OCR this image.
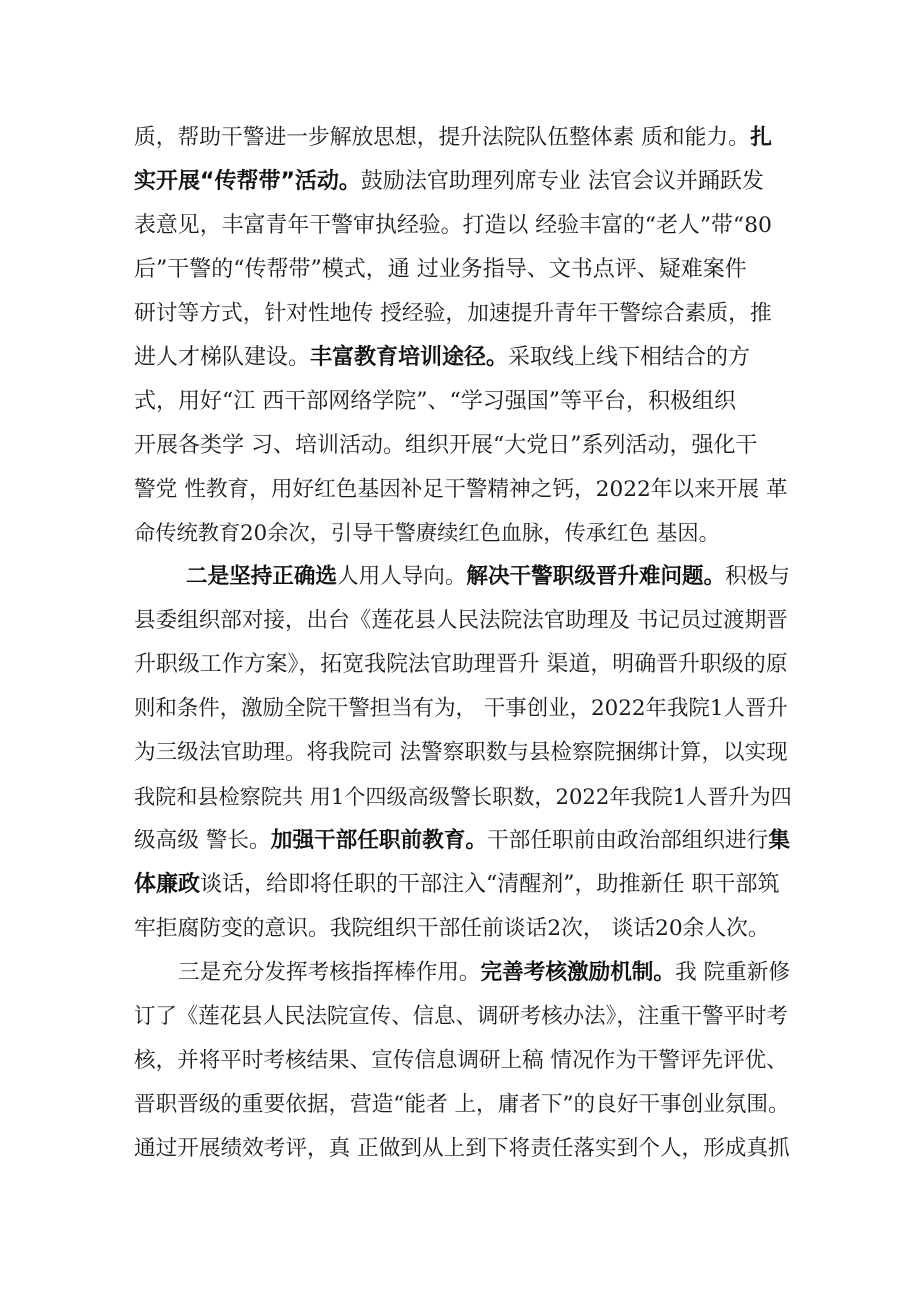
质，帮助干警进一步解放思想，提升法院队伍整体素 质和能力。 扎
实开展“传帮带”活动。 鼓励法官助理列席专业 法官会议并踊跃发
表意见，丰富青年干警审执经验。打造以 经验丰富的“老人”带“80
后”干警的“传帮带”模式，通 过业务指导、文书点评、疑难案件
研讨等方式，针对性地传 授经验，加速提升青年干警综合素质，推
进人才梯队建设。 丰富教育培训途径。 采取线上线下相结合的方
式，用好“江 西干部网络学院”、“学习强国”等平台，积极组织
开展各类学 习、培训活动。组织开展“大党日”系列活动，强化干
警党 性教育，用好红色基因补足干警精神之钙，2022年以来开展 革
命传统教育20余次，引导干警赓续红色血脉，传承红色 基因。
二是坚持正确选 人用人导向。 解决干警职级晋升难问题。 积极与
县委组织部对接，出台《莲花县人民法院法官助理及 书记员过渡期晋
升职级工作方案》，拓宽我院法官助理晋升 渠道，明确晋升职级的原
则和条件，激励全院干警担当有为， 干事创业，2022年我院1人晋升
为三级法官助理。将我院司 法警察职数与县检察院捆绑计算，以实现
我院和县检察院共 用1个四级高级警长职数，2022年我院1人晋升为四
级高级 警长。 加强干部任职前教育。 干部任职前由政治部组织进行 集
体廉政 谈话，给即将任职的干部注入“清醒剂”，助推新任 职干部筑
牢拒腐防变的意识。我院组织干部任前谈话2次， 谈话20余人次。
三是充分发挥考核指挥棒作用。 完善考核激励机制。 我 院重新修
订了《莲花县人民法院宣传、信息、调研考核办法》，注重干警平时考
核，并将平时考核结果、宣传信息调研上稿 情况作为干警评先评优、
晋职晋级的重要依据，营造“能者 上，庸者下”的良好干事创业氛围。
通过开展绩效考评，真 正做到从上到下将责任落实到个人，形成真抓
